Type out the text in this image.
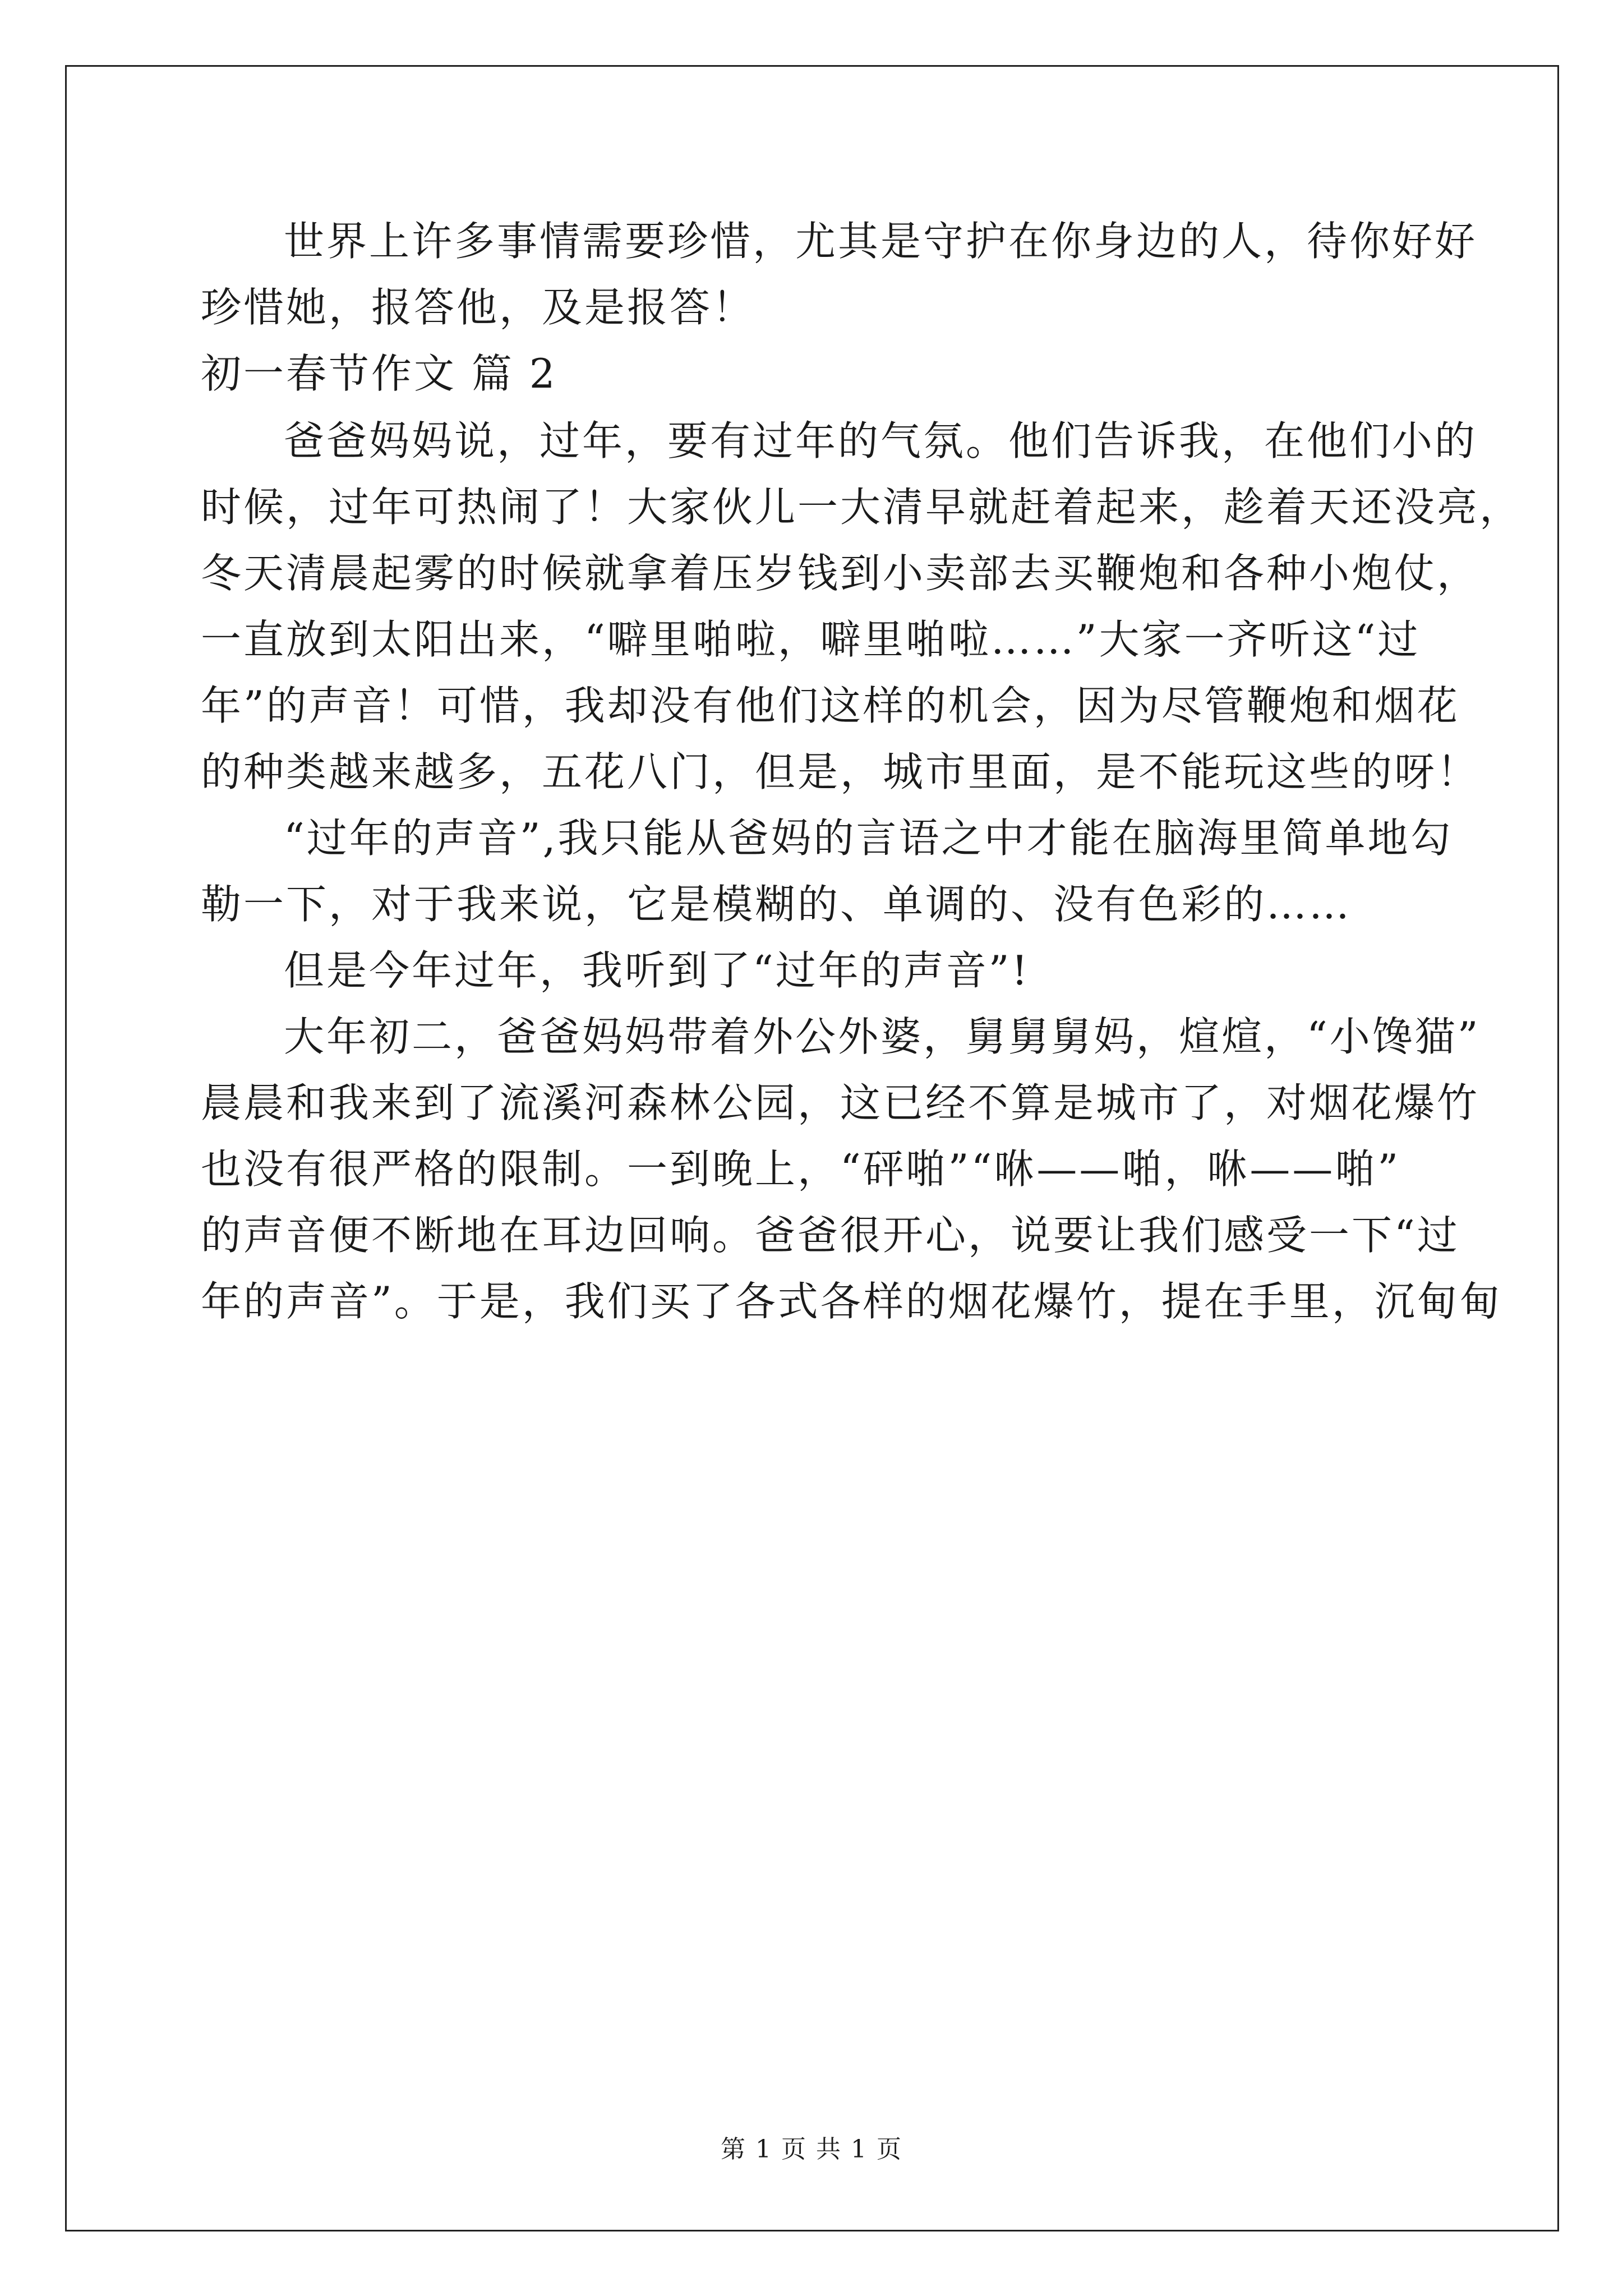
世界上许多事情需要珍惜，尤其是守护在你身边的人，待你好好
珍惜她，报答他，及是报答！
初一春节作文 篇 2
爸爸妈妈说，过年，要有过年的气氛。他们告诉我，在他们小的
时候，过年可热闹了！大家伙儿一大清早就赶着起来，趁着天还没亮，
冬天清晨起雾的时候就拿着压岁钱到小卖部去买鞭炮和各种小炮仗，
一直放到太阳出来，“噼里啪啦，噼里啪啦……”大家一齐听这“过
年”的声音！可惜，我却没有他们这样的机会，因为尽管鞭炮和烟花
的种类越来越多，五花八门，但是，城市里面，是不能玩这些的呀！
“过年的声音”,我只能从爸妈的言语之中才能在脑海里简单地勾
勒一下，对于我来说，它是模糊的、单调的、没有色彩的……
但是今年过年，我听到了“过年的声音”!
大年初二，爸爸妈妈带着外公外婆，舅舅舅妈，煊煊，“小馋猫”
晨晨和我来到了流溪河森林公园，这已经不算是城市了，对烟花爆竹
也没有很严格的限制。一到晚上，“砰啪”“咻——啪，咻——啪”
的声音便不断地在耳边回响。爸爸很开心，说要让我们感受一下“过
年的声音”。于是，我们买了各式各样的烟花爆竹，提在手里，沉甸甸
第 1 页 共 1 页
